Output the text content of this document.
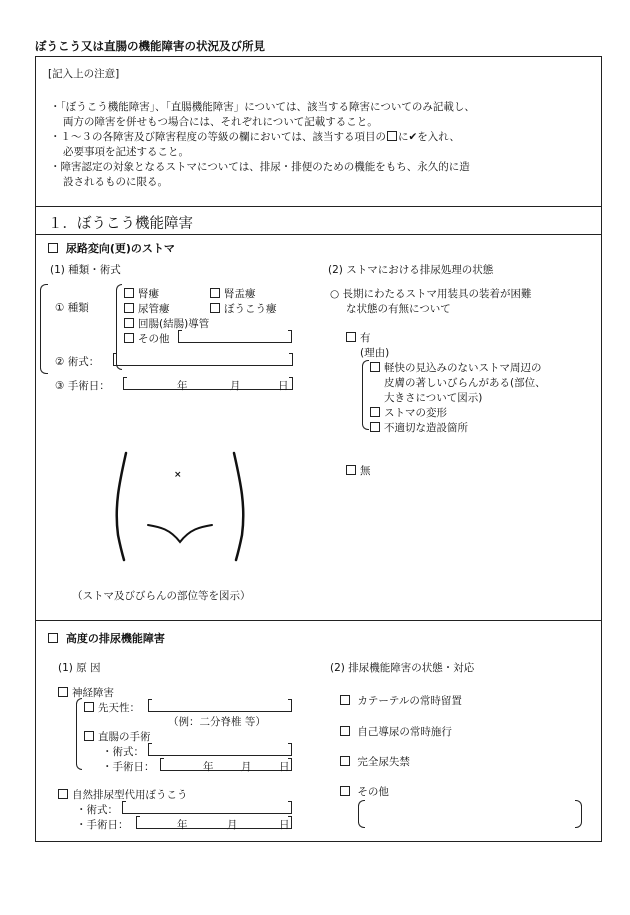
ぼうこう又は直腸の機能障害の状況及び所見
[記入上の注意]
・「ぼうこう機能障害」、「直腸機能障害」については、該当する障害についてのみ記載し、
両方の障害を併せもつ場合には、それぞれについて記載すること。
・１～３の各障害及び障害程度の等級の欄においては、該当する項目の に✔を入れ、
必要事項を記述すること。
・障害認定の対象となるストマについては、排尿・排便のための機能をもち、永久的に造
設されるものに限る。
１．ぼうこう機能障害
尿路変向(更)のストマ
(1) 種類・術式
① 種類
腎瘻	腎盂瘻
尿管瘻	ぼうこう瘻
回腸(結腸)導管
その他
② 術式：
③ 手術日：	年	月	日
×
（ストマ及びびらんの部位等を図示）
(2) ストマにおける排尿処理の状態
○ 長期にわたるストマ用装具の装着が困難
な状態の有無について
有
(理由)
軽快の見込みのないストマ周辺の
皮膚の著しいびらんがある(部位、
大きさについて図示)
ストマの変形
不適切な造設箇所
無
高度の排尿機能障害
(1) 原 因
神経障害
先天性：
（例：二分脊椎 等）
直腸の手術
・術式：
・手術日：	年	月	日
自然排尿型代用ぼうこう
・術式：
・手術日：	年	月	日
(2) 排尿機能障害の状態・対応
カテーテルの常時留置
自己導尿の常時施行
完全尿失禁
その他
